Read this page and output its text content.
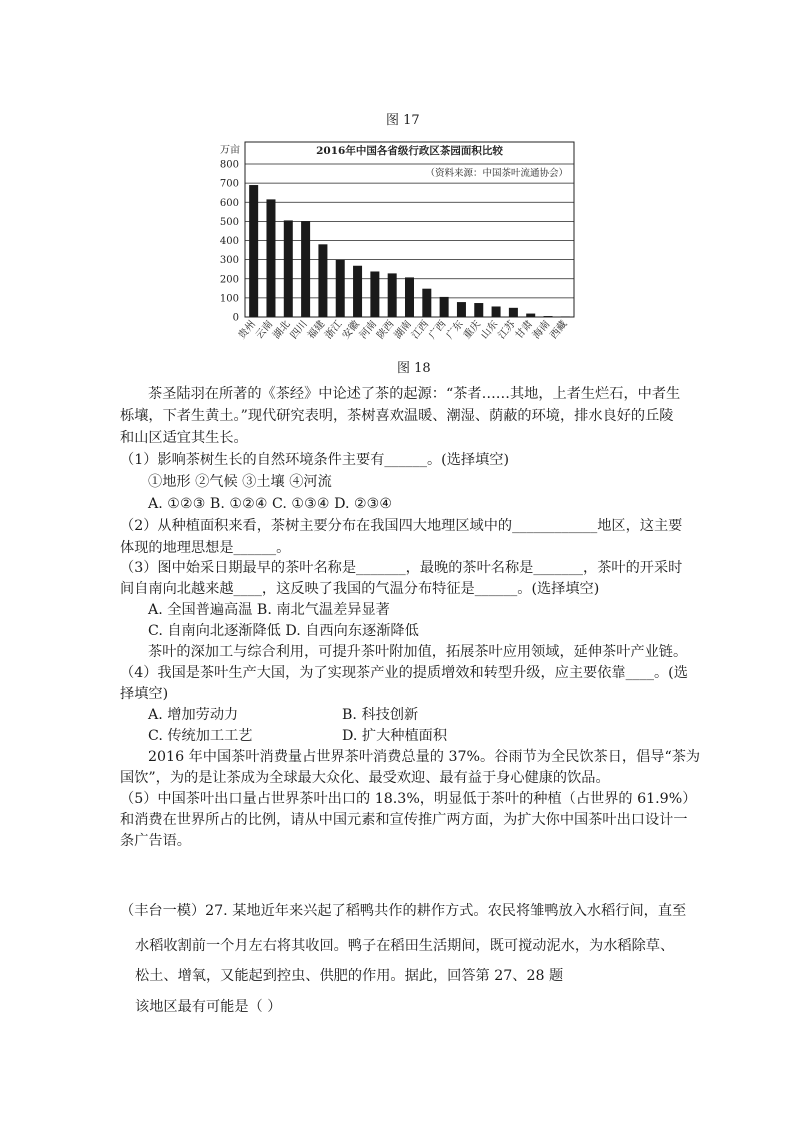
图 17
0
100
200
300
400
500
600
700
800
万亩	2016年中国各省级行政区茶园面积比较
（资料来源：中国茶叶流通协会）
贵州
云南
湖北
四川
福建
浙江
安徽
河南
陕西
湖南
江西
广西
广东
重庆
山东
江苏
甘肃
海南
西藏
图 18
茶圣陆羽在所著的《茶经》中论述了茶的起源：“茶者……其地，上者生烂石，中者生
栎壤，下者生黄土。”现代研究表明，茶树喜欢温暖、潮湿、荫蔽的环境，排水良好的丘陵
和山区适宜其生长。
（1）影响茶树生长的自然环境条件主要有______。(选择填空)
①地形 ②气候 ③土壤 ④河流
A. ①②③ B. ①②④ C. ①③④ D. ②③④
（2）从种植面积来看，茶树主要分布在我国四大地理区域中的____________地区，这主要
体现的地理思想是______。
（3）图中始采日期最早的茶叶名称是_______，最晚的茶叶名称是_______，茶叶的开采时
间自南向北越来越____，这反映了我国的气温分布特征是______。(选择填空)
A. 全国普遍高温 B. 南北气温差异显著
C. 自南向北逐渐降低 D. 自西向东逐渐降低
茶叶的深加工与综合利用，可提升茶叶附加值，拓展茶叶应用领域，延伸茶叶产业链。
（4）我国是茶叶生产大国，为了实现茶产业的提质增效和转型升级，应主要依靠____。(选
择填空)
A. 增加劳动力	B. 科技创新
C. 传统加工工艺	D. 扩大种植面积
2016 年中国茶叶消费量占世界茶叶消费总量的 37%。谷雨节为全民饮茶日，倡导“茶为
国饮”，为的是让茶成为全球最大众化、最受欢迎、最有益于身心健康的饮品。
（5）中国茶叶出口量占世界茶叶出口的 18.3%，明显低于茶叶的种植（占世界的 61.9%）
和消费在世界所占的比例，请从中国元素和宣传推广两方面，为扩大你中国茶叶出口设计一
条广告语。
（丰台一模）27. 某地近年来兴起了稻鸭共作的耕作方式。农民将雏鸭放入水稻行间，直至
水稻收割前一个月左右将其收回。鸭子在稻田生活期间，既可搅动泥水，为水稻除草、
松土、增氧，又能起到控虫、供肥的作用。据此，回答第 27、28 题
该地区最有可能是（ ）
